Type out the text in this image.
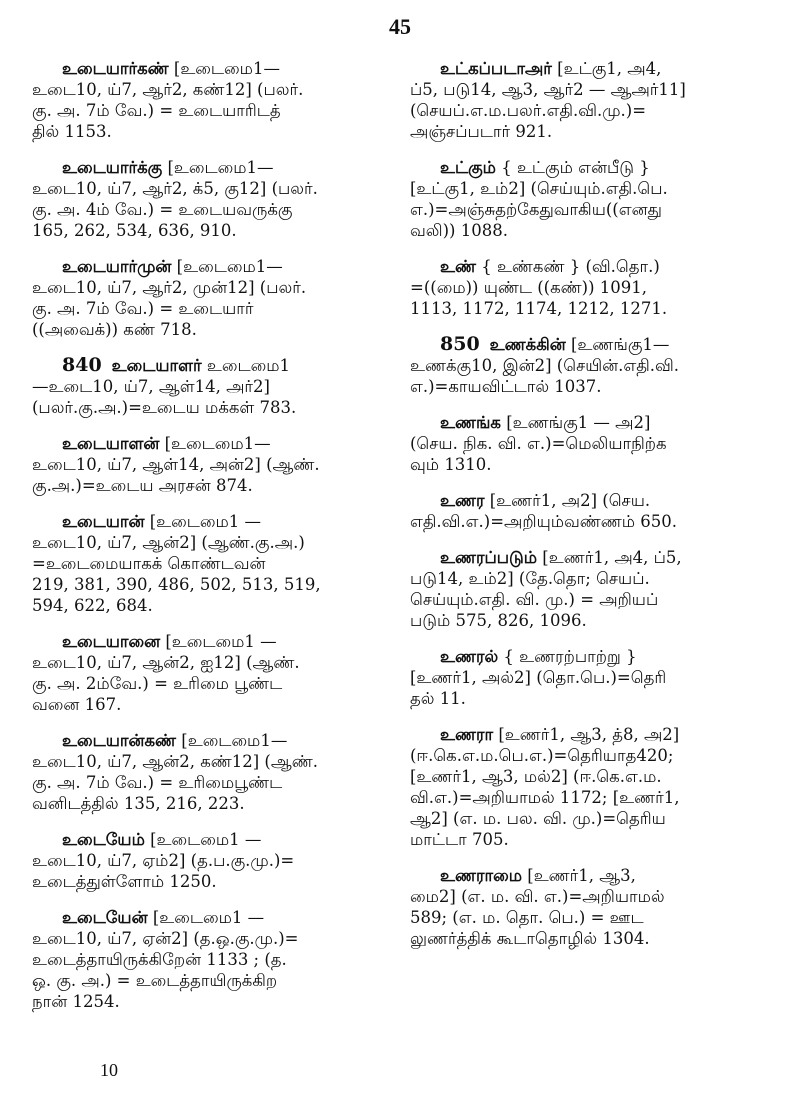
45
உடையார்கண் [உடைமை1—
உடை10, ய்7, ஆர்2, கண்12] (பலர்.
கு. அ. 7ம் வே.) = உடையாரிடத்
தில் 1153.
உடையார்க்கு [உடைமை1—
உடை10, ய்7, ஆர்2, க்5, கு12] (பலர்.
கு. அ. 4ம் வே.) = உடையவருக்கு
165, 262, 534, 636, 910.
உடையார்முன் [உடைமை1—
உடை10, ய்7, ஆர்2, முன்12] (பலர்.
கு. அ. 7ம் வே.) = உடையார்
((அவைக்)) கண் 718.
840 உடையாளர் உடைமை1
—உடை10, ய்7, ஆள்14, அர்2]
(பலர்.கு.அ.)=உடைய மக்கள் 783.
உடையாளன் [உடைமை1—
உடை10, ய்7, ஆள்14, அன்2] (ஆண்.
கு.அ.)=உடைய அரசன் 874.
உடையான் [உடைமை1 —
உடை10, ய்7, ஆன்2] (ஆண்.கு.அ.)
=உடைமையாகக் கொண்டவன்
219, 381, 390, 486, 502, 513, 519,
594, 622, 684.
உடையானை [உடைமை1 —
உடை10, ய்7, ஆன்2, ஐ12] (ஆண்.
கு. அ. 2ம்வே.) = உரிமை பூண்ட
வனை 167.
உடையான்கண் [உடைமை1—
உடை10, ய்7, ஆன்2, கண்12] (ஆண்.
கு. அ. 7ம் வே.) = உரிமைபூண்ட
வனிடத்தில் 135, 216, 223.
உடையேம் [உடைமை1 —
உடை10, ய்7, ஏம்2] (த.ப.கு.மு.)=
உடைத்துள்ளோம் 1250.
உடையேன் [உடைமை1 —
உடை10, ய்7, ஏன்2] (த.ஒ.கு.மு.)=
உடைத்தாயிருக்கிறேன் 1133 ; (த.
ஒ. கு. அ.) = உடைத்தாயிருக்கிற
நான் 1254.
உட்கப்படாஅர் [உட்கு1, அ4,
ப்5, படு14, ஆ3, ஆர்2 — ஆஅர்11]
(செயப்.எ.ம.பலர்.எதி.வி.மு.)=
அஞ்சப்படார் 921.
உட்கும் { உட்கும் என்பீடு }
[உட்கு1, உம்2] (செய்யும்.எதி.பெ.
எ.)=அஞ்சுதற்கேதுவாகிய((எனது
வலி)) 1088.
உண் { உண்கண் } (வி.தொ.)
=((மை)) யுண்ட ((கண்)) 1091,
1113, 1172, 1174, 1212, 1271.
850 உணக்கின் [உணங்கு1—
உணக்கு10, இன்2] (செயின்.எதி.வி.
எ.)=காயவிட்டால் 1037.
உணங்க [உணங்கு1 — அ2]
(செய. நிக. வி. எ.)=மெலியாநிற்க
வும் 1310.
உணர [உணர்1, அ2] (செய.
எதி.வி.எ.)=அறியும்வண்ணம் 650.
உணரப்படும் [உணர்1, அ4, ப்5,
படு14, உம்2] (தே.தொ; செயப்.
செய்யும்.எதி. வி. மு.) = அறியப்
படும் 575, 826, 1096.
உணரல் { உணரற்பாற்று }
[உணர்1, அல்2] (தொ.பெ.)=தெரி
தல் 11.
உணரா [உணர்1, ஆ3, த்8, அ2]
(ஈ.கெ.எ.ம.பெ.எ.)=தெரியாத420;
[உணர்1, ஆ3, மல்2] (ஈ.கெ.எ.ம.
வி.எ.)=அறியாமல் 1172; [உணர்1,
ஆ2] (எ. ம. பல. வி. மு.)=தெரிய
மாட்டா 705.
உணராமை [உணர்1, ஆ3,
மை2] (எ. ம. வி. எ.)=அறியாமல்
589; (எ. ம. தொ. பெ.) = ஊட
லுணர்த்திக் கூடாதொழில் 1304.
10
